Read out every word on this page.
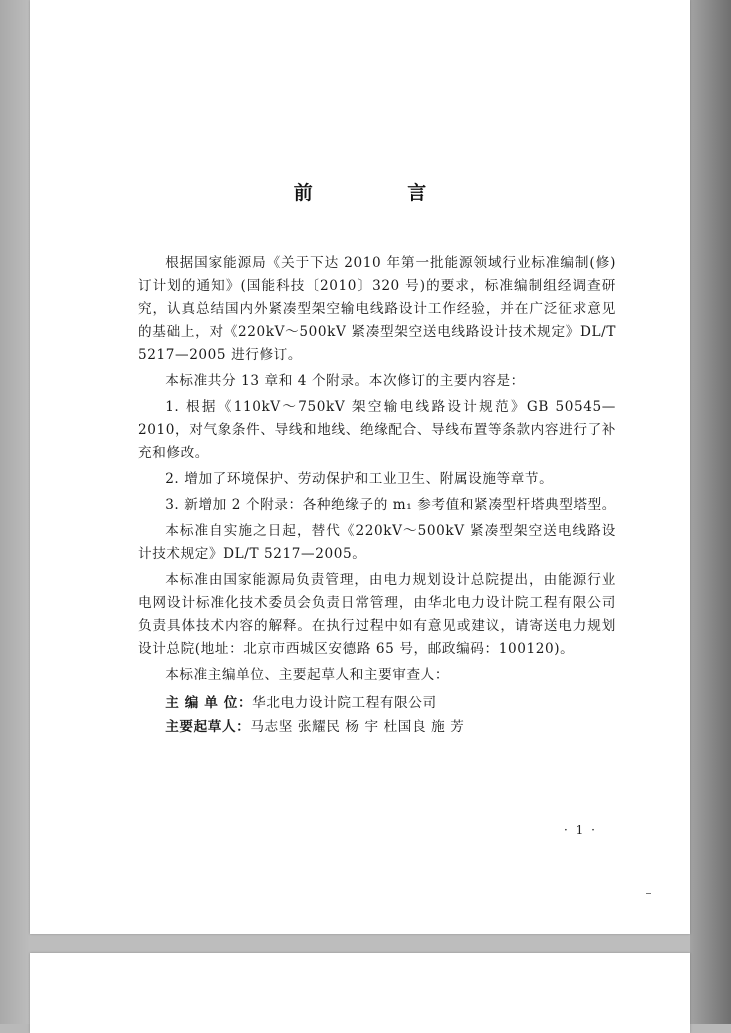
前 言

根据国家能源局《关于下达 2010 年第一批能源领域行业标准编制(修)订计划的通知》(国能科技〔2010〕320 号)的要求，标准编制组经调查研究，认真总结国内外紧凑型架空输电线路设计工作经验，并在广泛征求意见的基础上，对《220kV～500kV 紧凑型架空送电线路设计技术规定》DL/T 5217—2005 进行修订。

本标准共分 13 章和 4 个附录。本次修订的主要内容是：

1. 根据《110kV～750kV 架空输电线路设计规范》GB 50545—2010，对气象条件、导线和地线、绝缘配合、导线布置等条款内容进行了补充和修改。

2. 增加了环境保护、劳动保护和工业卫生、附属设施等章节。

3. 新增加 2 个附录：各种绝缘子的 m₁ 参考值和紧凑型杆塔典型塔型。

本标准自实施之日起，替代《220kV～500kV 紧凑型架空送电线路设计技术规定》DL/T 5217—2005。

本标准由国家能源局负责管理，由电力规划设计总院提出，由能源行业电网设计标准化技术委员会负责日常管理，由华北电力设计院工程有限公司负责具体技术内容的解释。在执行过程中如有意见或建议，请寄送电力规划设计总院(地址：北京市西城区安德路 65 号，邮政编码：100120)。

本标准主编单位、主要起草人和主要审查人：

主 编 单 位：华北电力设计院工程有限公司

主要起草人：马志坚 张耀民 杨 宇 杜国良 施 芳

· 1 ·
